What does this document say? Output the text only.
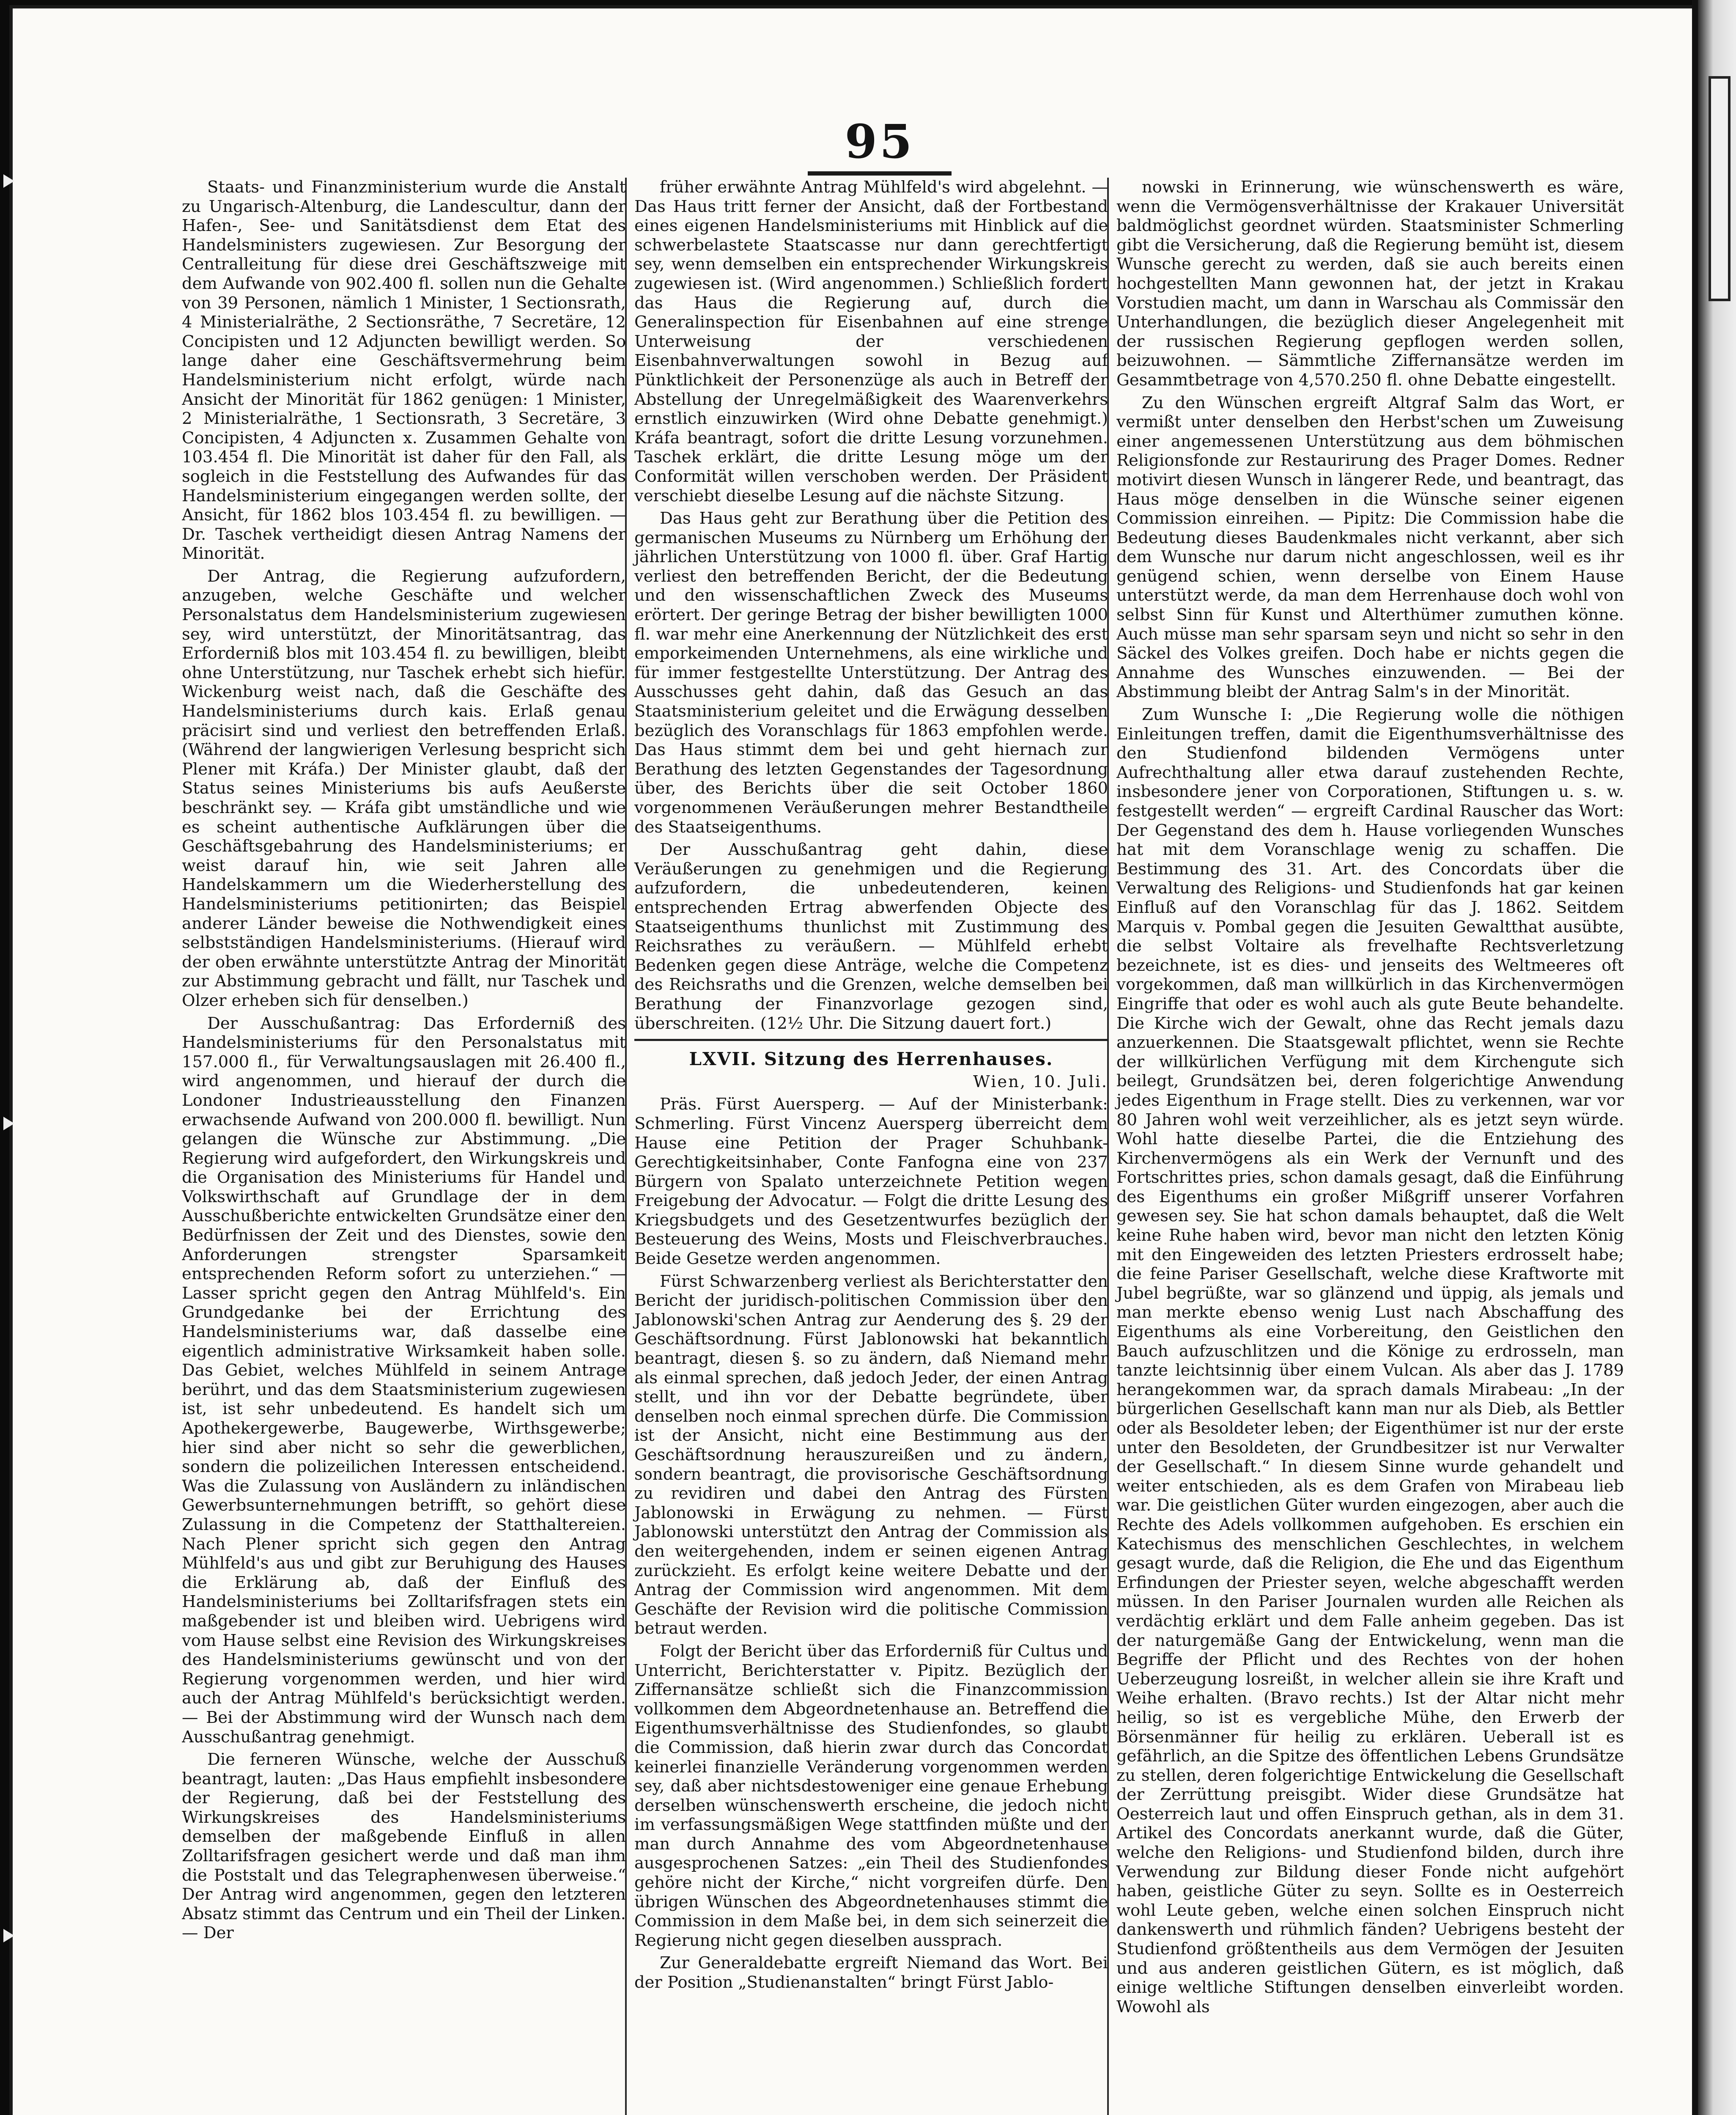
95

Staats- und Finanzministerium wurde die Anstalt zu Ungarisch-Altenburg, die Landescultur, dann der Hafen-, See- und Sanitätsdienst dem Etat des Handelsministers zugewiesen. Zur Besorgung der Centralleitung für diese drei Geschäftszweige mit dem Aufwande von 902.400 fl. sollen nun die Gehalte von 39 Personen, nämlich 1 Minister, 1 Sectionsrath, 4 Ministerialräthe, 2 Sectionsräthe, 7 Secretäre, 12 Concipisten und 12 Adjuncten bewilligt werden. So lange daher eine Geschäftsvermehrung beim Handelsministerium nicht erfolgt, würde nach Ansicht der Minorität für 1862 genügen: 1 Minister, 2 Ministerialräthe, 1 Sectionsrath, 3 Secretäre, 3 Concipisten, 4 Adjuncten x. Zusammen Gehalte von 103.454 fl. Die Minorität ist daher für den Fall, als sogleich in die Feststellung des Aufwandes für das Handelsministerium eingegangen werden sollte, der Ansicht, für 1862 blos 103.454 fl. zu bewilligen. — Dr. Taschek vertheidigt diesen Antrag Namens der Minorität.

Der Antrag, die Regierung aufzufordern, anzugeben, welche Geschäfte und welcher Personalstatus dem Handelsministerium zugewiesen sey, wird unterstützt, der Minoritätsantrag, das Erforderniß blos mit 103.454 fl. zu bewilligen, bleibt ohne Unterstützung, nur Taschek erhebt sich hiefür. Wickenburg weist nach, daß die Geschäfte des Handelsministeriums durch kais. Erlaß genau präcisirt sind und verliest den betreffenden Erlaß. (Während der langwierigen Verlesung bespricht sich Plener mit Kráfa.) Der Minister glaubt, daß der Status seines Ministeriums bis aufs Aeußerste beschränkt sey. — Kráfa gibt umständliche und wie es scheint authentische Aufklärungen über die Geschäftsgebahrung des Handelsministeriums; er weist darauf hin, wie seit Jahren alle Handelskammern um die Wiederherstellung des Handelsministeriums petitionirten; das Beispiel anderer Länder beweise die Nothwendigkeit eines selbstständigen Handelsministeriums. (Hierauf wird der oben erwähnte unterstützte Antrag der Minorität zur Abstimmung gebracht und fällt, nur Taschek und Olzer erheben sich für denselben.)

Der Ausschußantrag: Das Erforderniß des Handelsministeriums für den Personalstatus mit 157.000 fl., für Verwaltungsauslagen mit 26.400 fl., wird angenommen, und hierauf der durch die Londoner Industrieausstellung den Finanzen erwachsende Aufwand von 200.000 fl. bewilligt. Nun gelangen die Wünsche zur Abstimmung. „Die Regierung wird aufgefordert, den Wirkungskreis und die Organisation des Ministeriums für Handel und Volkswirthschaft auf Grundlage der in dem Ausschußberichte entwickelten Grundsätze einer den Bedürfnissen der Zeit und des Dienstes, sowie den Anforderungen strengster Sparsamkeit entsprechenden Reform sofort zu unterziehen.“ — Lasser spricht gegen den Antrag Mühlfeld's. Ein Grundgedanke bei der Errichtung des Handelsministeriums war, daß dasselbe eine eigentlich administrative Wirksamkeit haben solle. Das Gebiet, welches Mühlfeld in seinem Antrage berührt, und das dem Staatsministerium zugewiesen ist, ist sehr unbedeutend. Es handelt sich um Apothekergewerbe, Baugewerbe, Wirthsgewerbe; hier sind aber nicht so sehr die gewerblichen, sondern die polizeilichen Interessen entscheidend. Was die Zulassung von Ausländern zu inländischen Gewerbsunternehmungen betrifft, so gehört diese Zulassung in die Competenz der Statthaltereien. Nach Plener spricht sich gegen den Antrag Mühlfeld's aus und gibt zur Beruhigung des Hauses die Erklärung ab, daß der Einfluß des Handelsministeriums bei Zolltarifsfragen stets ein maßgebender ist und bleiben wird. Uebrigens wird vom Hause selbst eine Revision des Wirkungskreises des Handelsministeriums gewünscht und von der Regierung vorgenommen werden, und hier wird auch der Antrag Mühlfeld's berücksichtigt werden. — Bei der Abstimmung wird der Wunsch nach dem Ausschußantrag genehmigt.

Die ferneren Wünsche, welche der Ausschuß beantragt, lauten: „Das Haus empfiehlt insbesondere der Regierung, daß bei der Feststellung des Wirkungskreises des Handelsministeriums demselben der maßgebende Einfluß in allen Zolltarifsfragen gesichert werde und daß man ihm die Poststalt und das Telegraphenwesen überweise.“ Der Antrag wird angenommen, gegen den letzteren Absatz stimmt das Centrum und ein Theil der Linken. — Der

früher erwähnte Antrag Mühlfeld's wird abgelehnt. — Das Haus tritt ferner der Ansicht, daß der Fortbestand eines eigenen Handelsministeriums mit Hinblick auf die schwerbelastete Staatscasse nur dann gerechtfertigt sey, wenn demselben ein entsprechender Wirkungskreis zugewiesen ist. (Wird angenommen.) Schließlich fordert das Haus die Regierung auf, durch die Generalinspection für Eisenbahnen auf eine strenge Unterweisung der verschiedenen Eisenbahnverwaltungen sowohl in Bezug auf Pünktlichkeit der Personenzüge als auch in Betreff der Abstellung der Unregelmäßigkeit des Waarenverkehrs ernstlich einzuwirken (Wird ohne Debatte genehmigt.) Kráfa beantragt, sofort die dritte Lesung vorzunehmen. Taschek erklärt, die dritte Lesung möge um der Conformität willen verschoben werden. Der Präsident verschiebt dieselbe Lesung auf die nächste Sitzung.

Das Haus geht zur Berathung über die Petition des germanischen Museums zu Nürnberg um Erhöhung der jährlichen Unterstützung von 1000 fl. über. Graf Hartig verliest den betreffenden Bericht, der die Bedeutung und den wissenschaftlichen Zweck des Museums erörtert. Der geringe Betrag der bisher bewilligten 1000 fl. war mehr eine Anerkennung der Nützlichkeit des erst emporkeimenden Unternehmens, als eine wirkliche und für immer festgestellte Unterstützung. Der Antrag des Ausschusses geht dahin, daß das Gesuch an das Staatsministerium geleitet und die Erwägung desselben bezüglich des Voranschlags für 1863 empfohlen werde. Das Haus stimmt dem bei und geht hiernach zur Berathung des letzten Gegenstandes der Tagesordnung über, des Berichts über die seit October 1860 vorgenommenen Veräußerungen mehrer Bestandtheile des Staatseigenthums.

Der Ausschußantrag geht dahin, diese Veräußerungen zu genehmigen und die Regierung aufzufordern, die unbedeutenderen, keinen entsprechenden Ertrag abwerfenden Objecte des Staatseigenthums thunlichst mit Zustimmung des Reichsrathes zu veräußern. — Mühlfeld erhebt Bedenken gegen diese Anträge, welche die Competenz des Reichsraths und die Grenzen, welche demselben bei Berathung der Finanzvorlage gezogen sind, überschreiten. (12½ Uhr. Die Sitzung dauert fort.)

LXVII. Sitzung des Herrenhauses.

Wien, 10. Juli.

Präs. Fürst Auersperg. — Auf der Ministerbank: Schmerling. Fürst Vincenz Auersperg überreicht dem Hause eine Petition der Prager Schuhbank-Gerechtigkeitsinhaber, Conte Fanfogna eine von 237 Bürgern von Spalato unterzeichnete Petition wegen Freigebung der Advocatur. — Folgt die dritte Lesung des Kriegsbudgets und des Gesetzentwurfes bezüglich der Besteuerung des Weins, Mosts und Fleischverbrauches. Beide Gesetze werden angenommen.

Fürst Schwarzenberg verliest als Berichterstatter den Bericht der juridisch-politischen Commission über den Jablonowski'schen Antrag zur Aenderung des §. 29 der Geschäftsordnung. Fürst Jablonowski hat bekanntlich beantragt, diesen §. so zu ändern, daß Niemand mehr als einmal sprechen, daß jedoch Jeder, der einen Antrag stellt, und ihn vor der Debatte begründete, über denselben noch einmal sprechen dürfe. Die Commission ist der Ansicht, nicht eine Bestimmung aus der Geschäftsordnung herauszureißen und zu ändern, sondern beantragt, die provisorische Geschäftsordnung zu revidiren und dabei den Antrag des Fürsten Jablonowski in Erwägung zu nehmen. — Fürst Jablonowski unterstützt den Antrag der Commission als den weitergehenden, indem er seinen eigenen Antrag zurückzieht. Es erfolgt keine weitere Debatte und der Antrag der Commission wird angenommen. Mit dem Geschäfte der Revision wird die politische Commission betraut werden.

Folgt der Bericht über das Erforderniß für Cultus und Unterricht, Berichterstatter v. Pipitz. Bezüglich der Ziffernansätze schließt sich die Finanzcommission vollkommen dem Abgeordnetenhause an. Betreffend die Eigenthumsverhältnisse des Studienfondes, so glaubt die Commission, daß hierin zwar durch das Concordat keinerlei finanzielle Veränderung vorgenommen werden sey, daß aber nichtsdestoweniger eine genaue Erhebung derselben wünschenswerth erscheine, die jedoch nicht im verfassungsmäßigen Wege stattfinden müßte und der man durch Annahme des vom Abgeordnetenhause ausgesprochenen Satzes: „ein Theil des Studienfondes gehöre nicht der Kirche,“ nicht vorgreifen dürfe. Den übrigen Wünschen des Abgeordnetenhauses stimmt die Commission in dem Maße bei, in dem sich seinerzeit die Regierung nicht gegen dieselben aussprach.

Zur Generaldebatte ergreift Niemand das Wort. Bei der Position „Studienanstalten“ bringt Fürst Jablo-

nowski in Erinnerung, wie wünschenswerth es wäre, wenn die Vermögensverhältnisse der Krakauer Universität baldmöglichst geordnet würden. Staatsminister Schmerling gibt die Versicherung, daß die Regierung bemüht ist, diesem Wunsche gerecht zu werden, daß sie auch bereits einen hochgestellten Mann gewonnen hat, der jetzt in Krakau Vorstudien macht, um dann in Warschau als Commissär den Unterhandlungen, die bezüglich dieser Angelegenheit mit der russischen Regierung gepflogen werden sollen, beizuwohnen. — Sämmtliche Ziffernansätze werden im Gesammtbetrage von 4,570.250 fl. ohne Debatte eingestellt.

Zu den Wünschen ergreift Altgraf Salm das Wort, er vermißt unter denselben den Herbst'schen um Zuweisung einer angemessenen Unterstützung aus dem böhmischen Religionsfonde zur Restaurirung des Prager Domes. Redner motivirt diesen Wunsch in längerer Rede, und beantragt, das Haus möge denselben in die Wünsche seiner eigenen Commission einreihen. — Pipitz: Die Commission habe die Bedeutung dieses Baudenkmales nicht verkannt, aber sich dem Wunsche nur darum nicht angeschlossen, weil es ihr genügend schien, wenn derselbe von Einem Hause unterstützt werde, da man dem Herrenhause doch wohl von selbst Sinn für Kunst und Alterthümer zumuthen könne. Auch müsse man sehr sparsam seyn und nicht so sehr in den Säckel des Volkes greifen. Doch habe er nichts gegen die Annahme des Wunsches einzuwenden. — Bei der Abstimmung bleibt der Antrag Salm's in der Minorität.

Zum Wunsche I: „Die Regierung wolle die nöthigen Einleitungen treffen, damit die Eigenthumsverhältnisse des den Studienfond bildenden Vermögens unter Aufrechthaltung aller etwa darauf zustehenden Rechte, insbesondere jener von Corporationen, Stiftungen u. s. w. festgestellt werden“ — ergreift Cardinal Rauscher das Wort: Der Gegenstand des dem h. Hause vorliegenden Wunsches hat mit dem Voranschlage wenig zu schaffen. Die Bestimmung des 31. Art. des Concordats über die Verwaltung des Religions- und Studienfonds hat gar keinen Einfluß auf den Voranschlag für das J. 1862. Seitdem Marquis v. Pombal gegen die Jesuiten Gewaltthat ausübte, die selbst Voltaire als frevelhafte Rechtsverletzung bezeichnete, ist es dies- und jenseits des Weltmeeres oft vorgekommen, daß man willkürlich in das Kirchenvermögen Eingriffe that oder es wohl auch als gute Beute behandelte. Die Kirche wich der Gewalt, ohne das Recht jemals dazu anzuerkennen. Die Staatsgewalt pflichtet, wenn sie Rechte der willkürlichen Verfügung mit dem Kirchengute sich beilegt, Grundsätzen bei, deren folgerichtige Anwendung jedes Eigenthum in Frage stellt. Dies zu verkennen, war vor 80 Jahren wohl weit verzeihlicher, als es jetzt seyn würde. Wohl hatte dieselbe Partei, die die Entziehung des Kirchenvermögens als ein Werk der Vernunft und des Fortschrittes pries, schon damals gesagt, daß die Einführung des Eigenthums ein großer Mißgriff unserer Vorfahren gewesen sey. Sie hat schon damals behauptet, daß die Welt keine Ruhe haben wird, bevor man nicht den letzten König mit den Eingeweiden des letzten Priesters erdrosselt habe; die feine Pariser Gesellschaft, welche diese Kraftworte mit Jubel begrüßte, war so glänzend und üppig, als jemals und man merkte ebenso wenig Lust nach Abschaffung des Eigenthums als eine Vorbereitung, den Geistlichen den Bauch aufzuschlitzen und die Könige zu erdrosseln, man tanzte leichtsinnig über einem Vulcan. Als aber das J. 1789 herangekommen war, da sprach damals Mirabeau: „In der bürgerlichen Gesellschaft kann man nur als Dieb, als Bettler oder als Besoldeter leben; der Eigenthümer ist nur der erste unter den Besoldeten, der Grundbesitzer ist nur Verwalter der Gesellschaft.“ In diesem Sinne wurde gehandelt und weiter entschieden, als es dem Grafen von Mirabeau lieb war. Die geistlichen Güter wurden eingezogen, aber auch die Rechte des Adels vollkommen aufgehoben. Es erschien ein Katechismus des menschlichen Geschlechtes, in welchem gesagt wurde, daß die Religion, die Ehe und das Eigenthum Erfindungen der Priester seyen, welche abgeschafft werden müssen. In den Pariser Journalen wurden alle Reichen als verdächtig erklärt und dem Falle anheim gegeben. Das ist der naturgemäße Gang der Entwickelung, wenn man die Begriffe der Pflicht und des Rechtes von der hohen Ueberzeugung losreißt, in welcher allein sie ihre Kraft und Weihe erhalten. (Bravo rechts.) Ist der Altar nicht mehr heilig, so ist es vergebliche Mühe, den Erwerb der Börsenmänner für heilig zu erklären. Ueberall ist es gefährlich, an die Spitze des öffentlichen Lebens Grundsätze zu stellen, deren folgerichtige Entwickelung die Gesellschaft der Zerrüttung preisgibt. Wider diese Grundsätze hat Oesterreich laut und offen Einspruch gethan, als in dem 31. Artikel des Concordats anerkannt wurde, daß die Güter, welche den Religions- und Studienfond bilden, durch ihre Verwendung zur Bildung dieser Fonde nicht aufgehört haben, geistliche Güter zu seyn. Sollte es in Oesterreich wohl Leute geben, welche einen solchen Einspruch nicht dankenswerth und rühmlich fänden? Uebrigens besteht der Studienfond größtentheils aus dem Vermögen der Jesuiten und aus anderen geistlichen Gütern, es ist möglich, daß einige weltliche Stiftungen denselben einverleibt worden. Wowohl als
